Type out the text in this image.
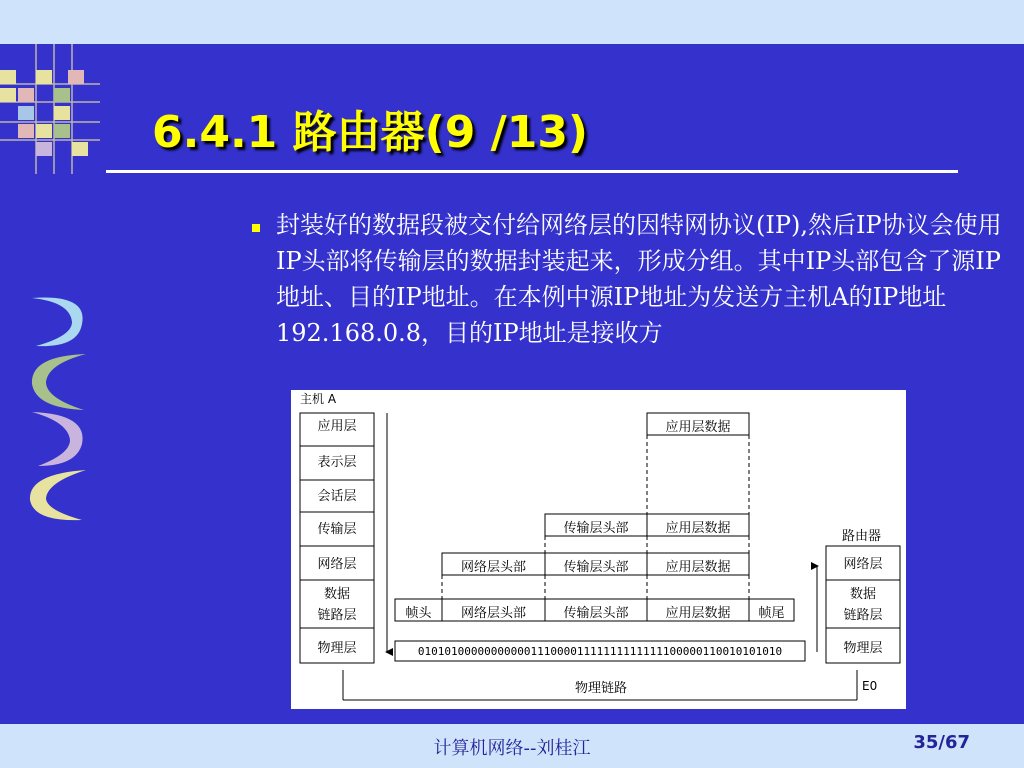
6.4.1 路由器(9 /13)
封装好的数据段被交付给网络层的因特网协议(IP),然后IP协议会使用IP头部将传输层的数据封装起来，形成分组。其中IP头部包含了源IP地址、目的IP地址。在本例中源IP地址为发送方主机A的IP地址192.168.0.8，目的IP地址是接收方
主机 A
应用层
表示层
会话层
传输层
网络层
数据
链路层
物理层
路由器
网络层
数据
链路层
物理层
应用层数据
传输层头部	应用层数据
网络层头部	传输层头部	应用层数据
帧头	网络层头部	传输层头部	应用层数据	帧尾
0101010000000000011100001111111111111100000110010101010
物理链路	E0
计算机网络--刘桂江	35/67
